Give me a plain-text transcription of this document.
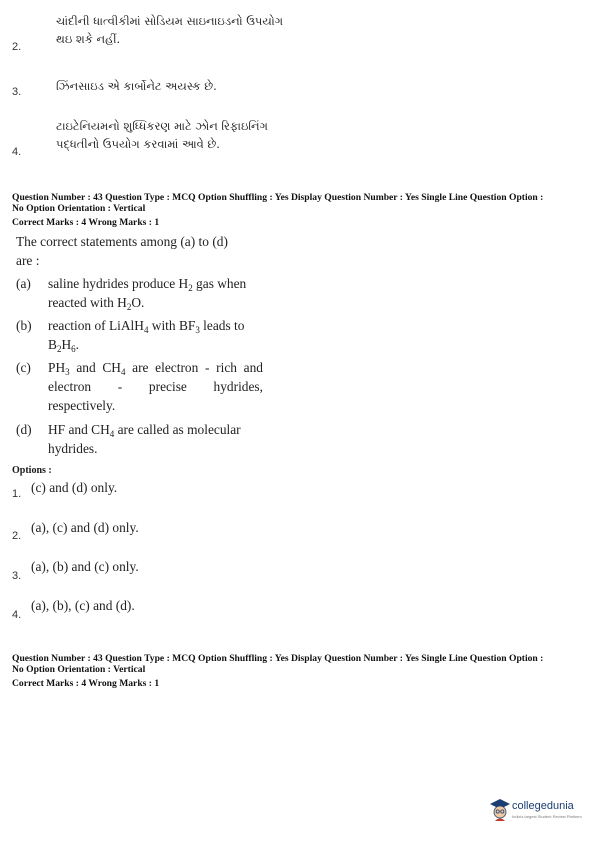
ચાંદીની ધાત્વીકીમાં સોડિયમ સાઇનાઇડનો ઉપયોગ
થઇ શકે નહીં.
2.
ઝિંનસાઇડ એ કાર્બોનેટ અયસ્ક છે.
3.
ટાઇટેનિયમનો શુધ્ધિકરણ માટે ઝોન રિફાઇનિંગ
પદ્ધતીનો ઉપયોગ કરવામાં આવે છે.
4.
Question Number : 43 Question Type : MCQ Option Shuffling : Yes Display Question Number : Yes Single Line Question Option :
No Option Orientation : Vertical
Correct Marks : 4 Wrong Marks : 1
The correct statements among (a) to (d)
are :
(a) saline hydrides produce $H_2$ gas when reacted with $H_2O$.
(b) reaction of LiAlH$_4$ with $BF_3$ leads to $B_2H_6$.
(c) $PH_3$ and $CH_4$ are electron - rich and electron - precise hydrides, respectively.
(d) HF and $CH_4$ are called as molecular hydrides.
Options :
1. (c) and (d) only.
2.
(a), (c) and (d) only.
3.
(a), (b) and (c) only.
4.
(a), (b), (c) and (d).
Question Number : 43 Question Type : MCQ Option Shuffling : Yes Display Question Number : Yes Single Line Question Option :
No Option Orientation : Vertical
Correct Marks : 4 Wrong Marks : 1
collegedunia
India's largest Student Review Platform
